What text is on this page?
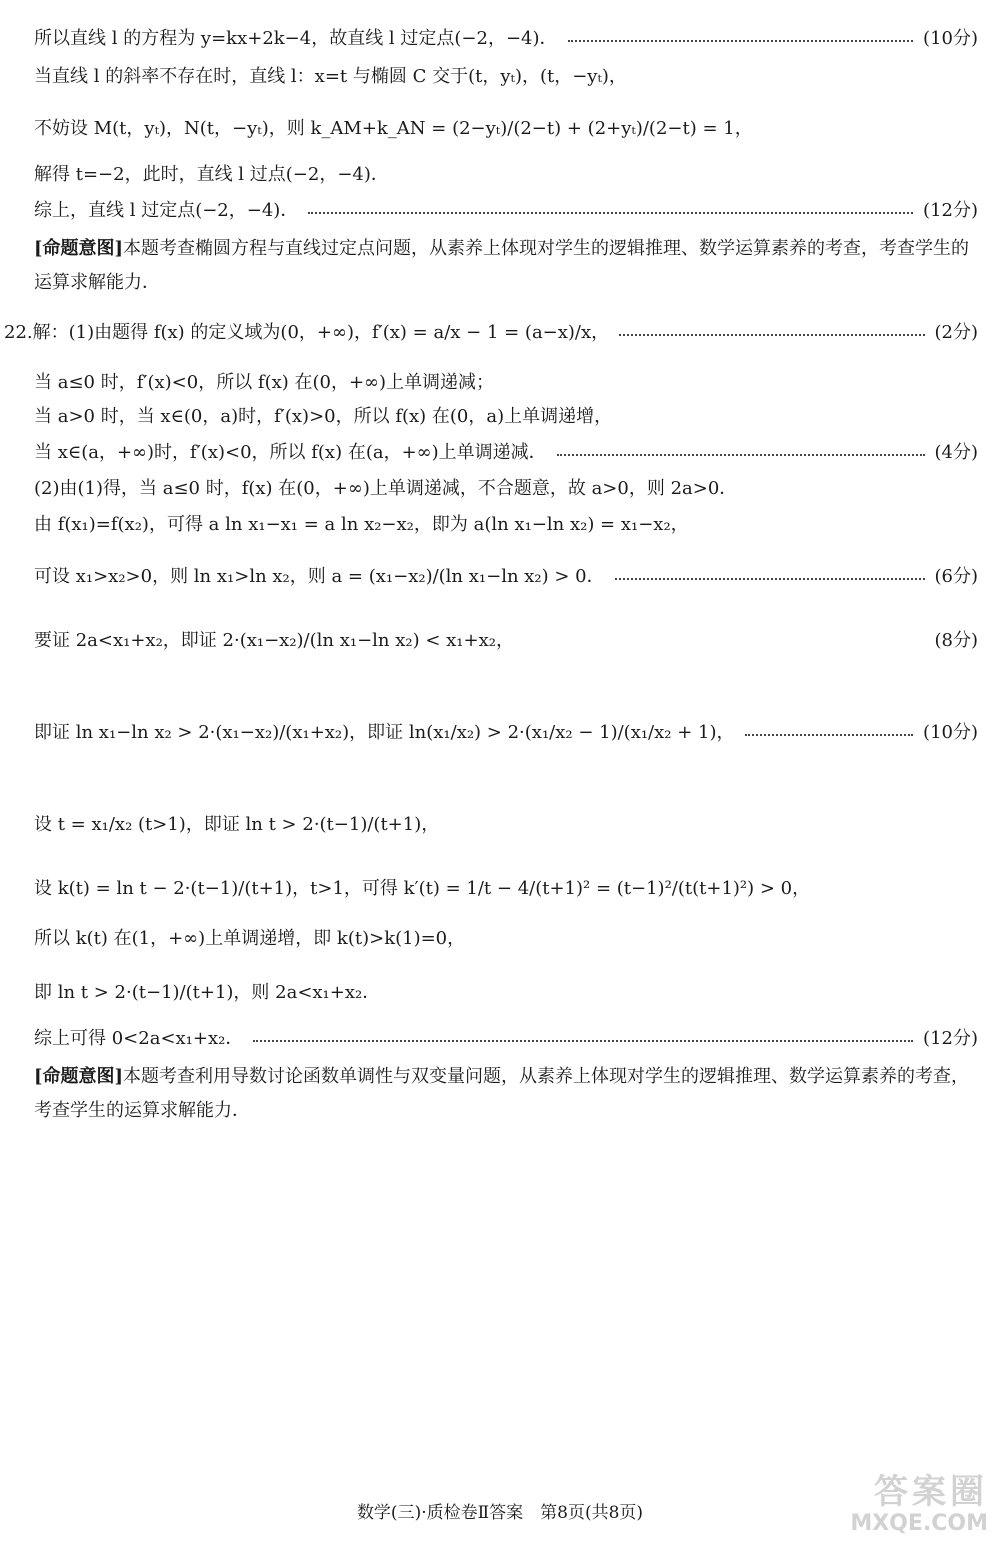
所以直线 l 的方程为 y=kx+2k−4，故直线 l 过定点(−2，−4)．	(10分)
当直线 l 的斜率不存在时，直线 l：x=t 与椭圆 C 交于(t，yₜ)，(t，−yₜ)，
不妨设 M(t，yₜ)，N(t，−yₜ)，则 k_AM+k_AN = (2−yₜ)/(2−t) + (2+yₜ)/(2−t) = 1，
解得 t=−2，此时，直线 l 过点(−2，−4)．
综上，直线 l 过定点(−2，−4)．	(12分)
[命题意图]本题考查椭圆方程与直线过定点问题，从素养上体现对学生的逻辑推理、数学运算素养的考查，考查学生的运算求解能力．
22.解：(1)由题得 f(x) 的定义域为(0，+∞)，f′(x) = a/x − 1 = (a−x)/x，	(2分)
当 a≤0 时，f′(x)<0，所以 f(x) 在(0，+∞)上单调递减；
当 a>0 时，当 x∈(0，a)时，f′(x)>0，所以 f(x) 在(0，a)上单调递增，
当 x∈(a，+∞)时，f′(x)<0，所以 f(x) 在(a，+∞)上单调递减．	(4分)
(2)由(1)得，当 a≤0 时，f(x) 在(0，+∞)上单调递减，不合题意，故 a>0，则 2a>0．
由 f(x₁)=f(x₂)，可得 a ln x₁−x₁ = a ln x₂−x₂，即为 a(ln x₁−ln x₂) = x₁−x₂，
可设 x₁>x₂>0，则 ln x₁>ln x₂，则 a = (x₁−x₂)/(ln x₁−ln x₂) > 0．	(6分)
要证 2a<x₁+x₂，即证 2·(x₁−x₂)/(ln x₁−ln x₂) < x₁+x₂，	(8分)
即证 ln x₁−ln x₂ > 2·(x₁−x₂)/(x₁+x₂)，即证 ln(x₁/x₂) > 2·(x₁/x₂ − 1)/(x₁/x₂ + 1)，	(10分)
设 t = x₁/x₂ (t>1)，即证 ln t > 2·(t−1)/(t+1)，
设 k(t) = ln t − 2·(t−1)/(t+1)，t>1，可得 k′(t) = 1/t − 4/(t+1)² = (t−1)²/(t(t+1)²) > 0，
所以 k(t) 在(1，+∞)上单调递增，即 k(t)>k(1)=0，
即 ln t > 2·(t−1)/(t+1)，则 2a<x₁+x₂．
综上可得 0<2a<x₁+x₂．	(12分)
[命题意图]本题考查利用导数讨论函数单调性与双变量问题，从素养上体现对学生的逻辑推理、数学运算素养的考查，考查学生的运算求解能力．
数学(三)·质检卷Ⅱ答案　第8页(共8页)
答案圈
MXQE.COM
